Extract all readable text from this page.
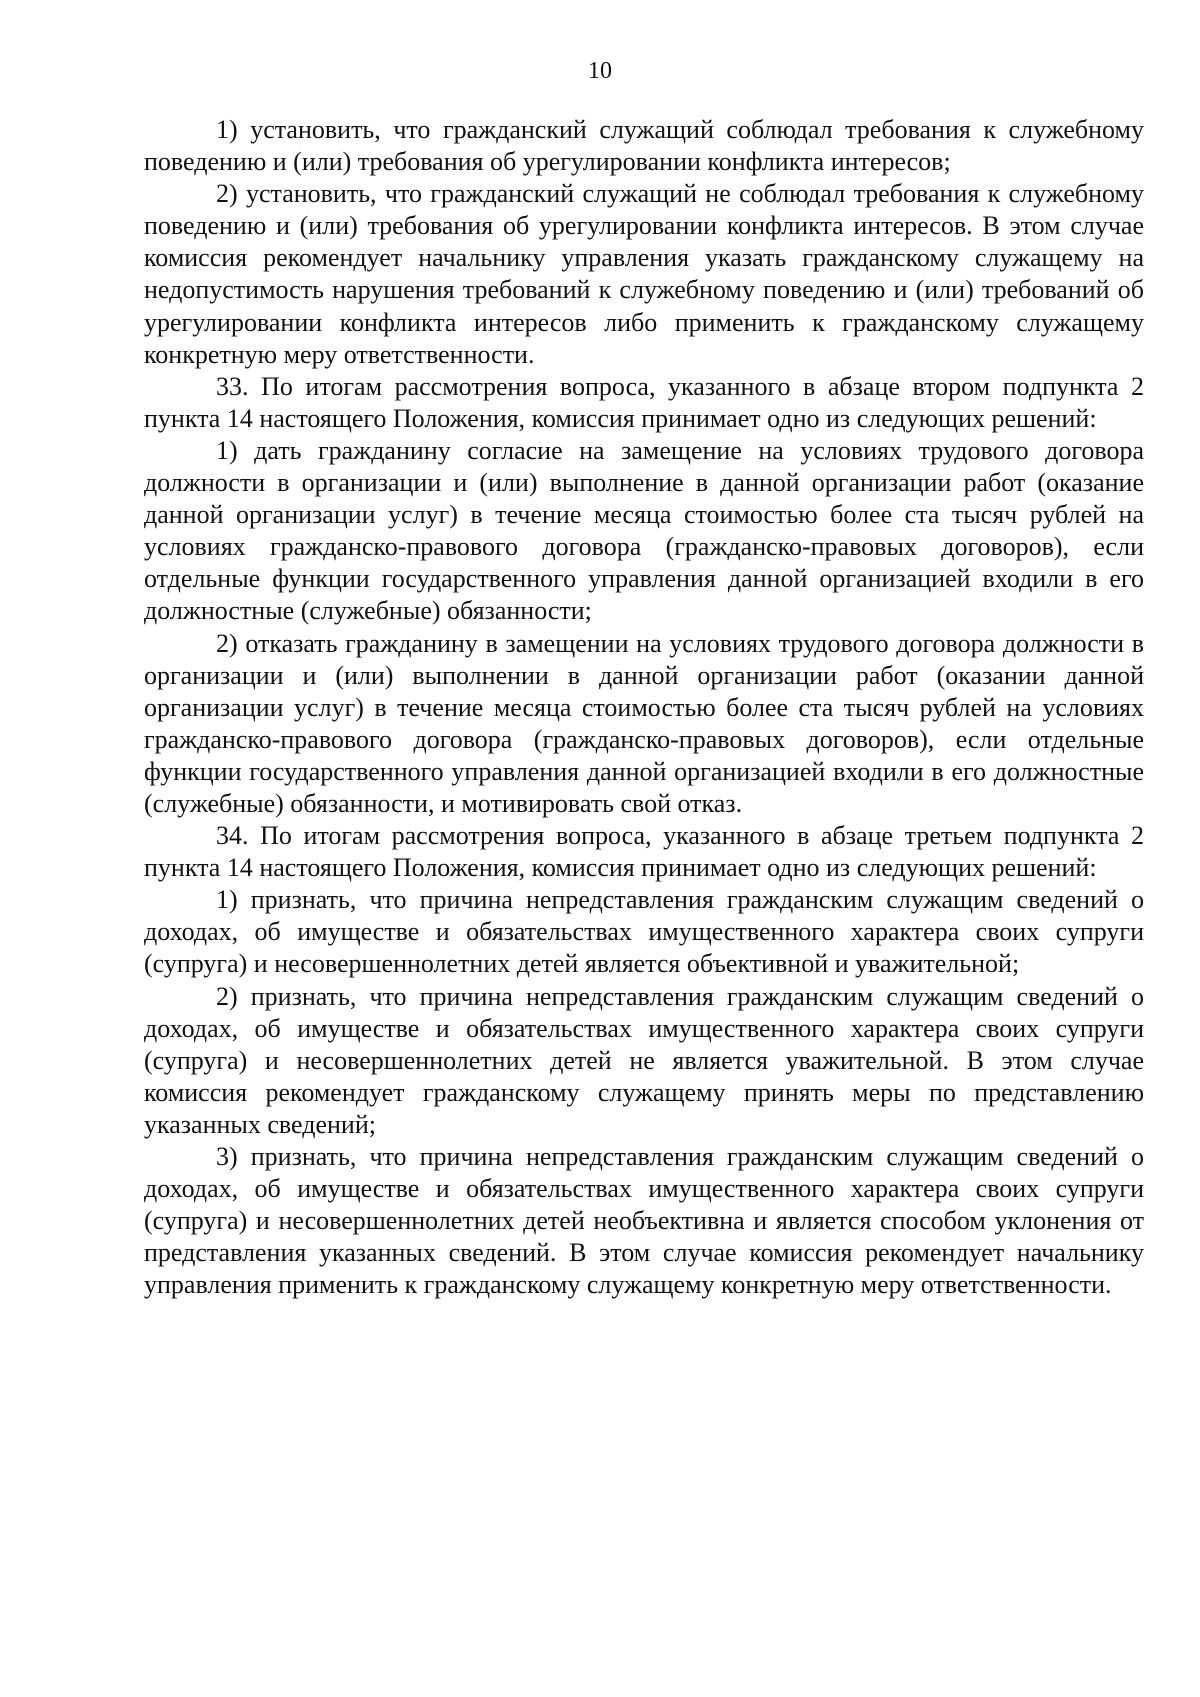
10

1) установить, что гражданский служащий соблюдал требования к служебному поведению и (или) требования об урегулировании конфликта интересов;

2) установить, что гражданский служащий не соблюдал требования к служебному поведению и (или) требования об урегулировании конфликта интересов. В этом случае комиссия рекомендует начальнику управления указать гражданскому служащему на недопустимость нарушения требований к служебному поведению и (или) требований об урегулировании конфликта интересов либо применить к гражданскому служащему конкретную меру ответственности.

33. По итогам рассмотрения вопроса, указанного в абзаце втором подпункта 2 пункта 14 настоящего Положения, комиссия принимает одно из следующих решений:

1) дать гражданину согласие на замещение на условиях трудового договора должности в организации и (или) выполнение в данной организации работ (оказание данной организации услуг) в течение месяца стоимостью более ста тысяч рублей на условиях гражданско-правового договора (гражданско-правовых договоров), если отдельные функции государственного управления данной организацией входили в его должностные (служебные) обязанности;

2) отказать гражданину в замещении на условиях трудового договора должности в организации и (или) выполнении в данной организации работ (оказании данной организации услуг) в течение месяца стоимостью более ста тысяч рублей на условиях гражданско-правового договора (гражданско-правовых договоров), если отдельные функции государственного управления данной организацией входили в его должностные (служебные) обязанности, и мотивировать свой отказ.

34. По итогам рассмотрения вопроса, указанного в абзаце третьем подпункта 2 пункта 14 настоящего Положения, комиссия принимает одно из следующих решений:

1) признать, что причина непредставления гражданским служащим сведений о доходах, об имуществе и обязательствах имущественного характера своих супруги (супруга) и несовершеннолетних детей является объективной и уважительной;

2) признать, что причина непредставления гражданским служащим сведений о доходах, об имуществе и обязательствах имущественного характера своих супруги (супруга) и несовершеннолетних детей не является уважительной. В этом случае комиссия рекомендует гражданскому служащему принять меры по представлению указанных сведений;

3) признать, что причина непредставления гражданским служащим сведений о доходах, об имуществе и обязательствах имущественного характера своих супруги (супруга) и несовершеннолетних детей необъективна и является способом уклонения от представления указанных сведений. В этом случае комиссия рекомендует начальнику управления применить к гражданскому служащему конкретную меру ответственности.
